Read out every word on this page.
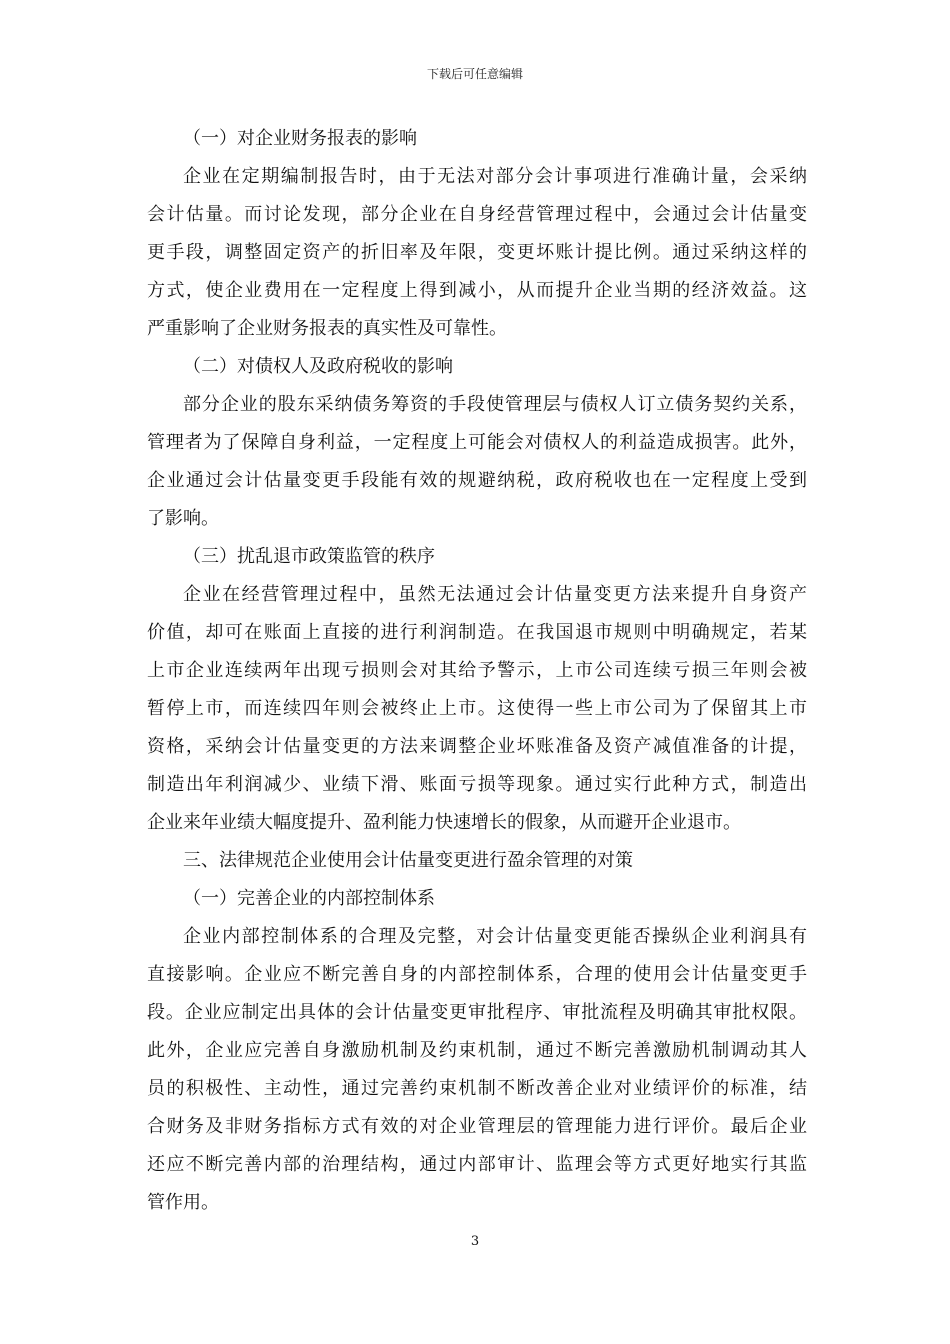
下载后可任意编辑
（一）对企业财务报表的影响
企业在定期编制报告时，由于无法对部分会计事项进行准确计量，会采纳
会计估量。而讨论发现，部分企业在自身经营管理过程中，会通过会计估量变
更手段，调整固定资产的折旧率及年限，变更坏账计提比例。通过采纳这样的
方式，使企业费用在一定程度上得到减小，从而提升企业当期的经济效益。这
严重影响了企业财务报表的真实性及可靠性。
（二）对债权人及政府税收的影响
部分企业的股东采纳债务筹资的手段使管理层与债权人订立债务契约关系，
管理者为了保障自身利益，一定程度上可能会对债权人的利益造成损害。此外，
企业通过会计估量变更手段能有效的规避纳税，政府税收也在一定程度上受到
了影响。
（三）扰乱退市政策监管的秩序
企业在经营管理过程中，虽然无法通过会计估量变更方法来提升自身资产
价值，却可在账面上直接的进行利润制造。在我国退市规则中明确规定，若某
上市企业连续两年出现亏损则会对其给予警示，上市公司连续亏损三年则会被
暂停上市，而连续四年则会被终止上市。这使得一些上市公司为了保留其上市
资格，采纳会计估量变更的方法来调整企业坏账准备及资产减值准备的计提，
制造出年利润减少、业绩下滑、账面亏损等现象。通过实行此种方式，制造出
企业来年业绩大幅度提升、盈利能力快速增长的假象，从而避开企业退市。
三、法律规范企业使用会计估量变更进行盈余管理的对策
（一）完善企业的内部控制体系
企业内部控制体系的合理及完整，对会计估量变更能否操纵企业利润具有
直接影响。企业应不断完善自身的内部控制体系，合理的使用会计估量变更手
段。企业应制定出具体的会计估量变更审批程序、审批流程及明确其审批权限。
此外，企业应完善自身激励机制及约束机制，通过不断完善激励机制调动其人
员的积极性、主动性，通过完善约束机制不断改善企业对业绩评价的标准，结
合财务及非财务指标方式有效的对企业管理层的管理能力进行评价。最后企业
还应不断完善内部的治理结构，通过内部审计、监理会等方式更好地实行其监
管作用。
3
